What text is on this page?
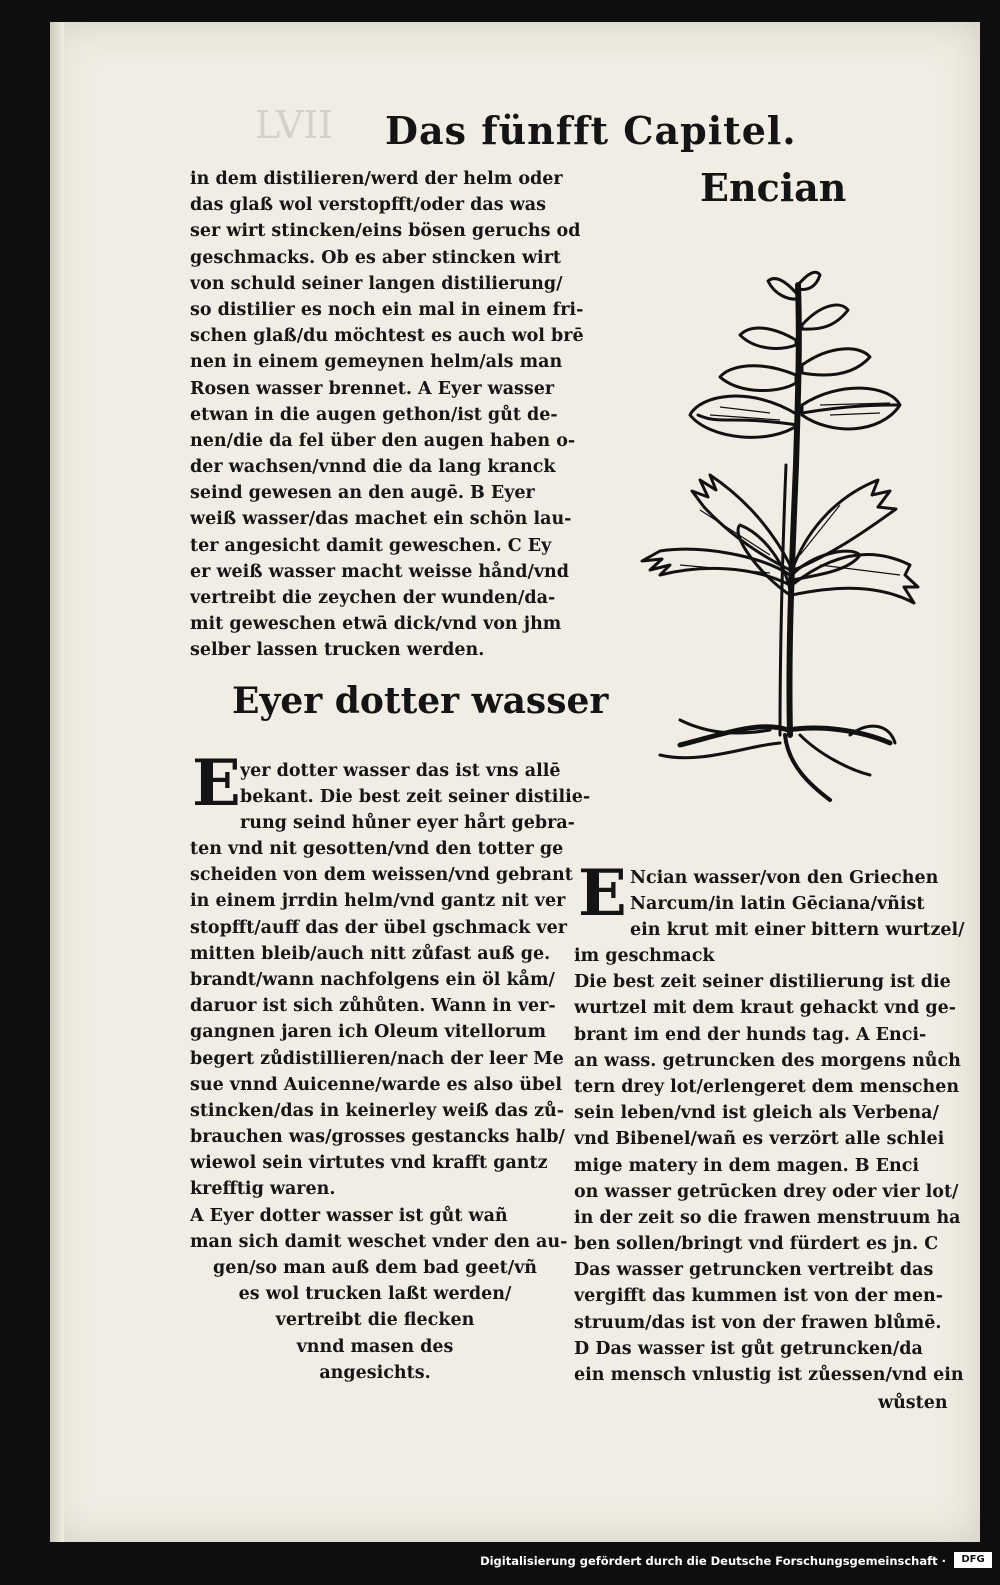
LVII Das fünfft Capitel.
in dem distilieren/werd der helm oder
das glaß wol verstopfft/oder das was
ser wirt stincken/eins bösen geruchs od
geschmacks. Ob es aber stincken wirt
von schuld seiner langen distilierung/
so distilier es noch ein mal in einem fri-
schen glaß/du möchtest es auch wol brē
nen in einem gemeynen helm/als man
Rosen wasser brennet. A Eyer wasser
etwan in die augen gethon/ist gůt de-
nen/die da fel über den augen haben o-
der wachsen/vnnd die da lang kranck
seind gewesen an den augē. B Eyer
weiß wasser/das machet ein schön lau-
ter angesicht damit geweschen. C Ey
er weiß wasser macht weisse hånd/vnd
vertreibt die zeychen der wunden/da-
mit geweschen etwā dick/vnd von jhm
selber lassen trucken werden.
Eyer dotter wasser
E yer dotter wasser das ist vns allē
bekant. Die best zeit seiner distilie-
rung seind hůner eyer hårt gebra-
ten vnd nit gesotten/vnd den totter ge
scheiden von dem weissen/vnd gebrant
in einem jrrdin helm/vnd gantz nit ver
stopfft/auff das der übel gschmack ver
mitten bleib/auch nitt zůfast auß ge.
brandt/wann nachfolgens ein öl kåm/
daruor ist sich zůhůten. Wann in ver-
gangnen jaren ich Oleum vitellorum
begert zůdistillieren/nach der leer Me
sue vnnd Auicenne/warde es also übel
stincken/das in keinerley weiß das zů-
brauchen was/grosses gestancks halb/
wiewol sein virtutes vnd krafft gantz
krefftig waren.
A Eyer dotter wasser ist gůt wañ
man sich damit weschet vnder den au-
gen/so man auß dem bad geet/vñ
es wol trucken laßt werden/
vertreibt die flecken
vnnd masen des
angesichts.
Encian
E Ncian wasser/von den Griechen
Narcum/in latin Gēciana/vñist
ein krut mit einer bittern wurtzel/
im geschmack
Die best zeit seiner distilierung ist die
wurtzel mit dem kraut gehackt vnd ge-
brant im end der hunds tag. A Enci-
an wass. getruncken des morgens nůch
tern drey lot/erlengeret dem menschen
sein leben/vnd ist gleich als Verbena/
vnd Bibenel/wañ es verzört alle schlei
mige matery in dem magen. B Enci
on wasser getrūcken drey oder vier lot/
in der zeit so die frawen menstruum ha
ben sollen/bringt vnd fürdert es jn. C
Das wasser getruncken vertreibt das
vergifft das kummen ist von der men-
struum/das ist von der frawen blůmē.
D Das wasser ist gůt getruncken/da
ein mensch vnlustig ist zůessen/vnd ein
wůsten
Digitalisierung gefördert durch die Deutsche Forschungsgemeinschaft ·	DFG
